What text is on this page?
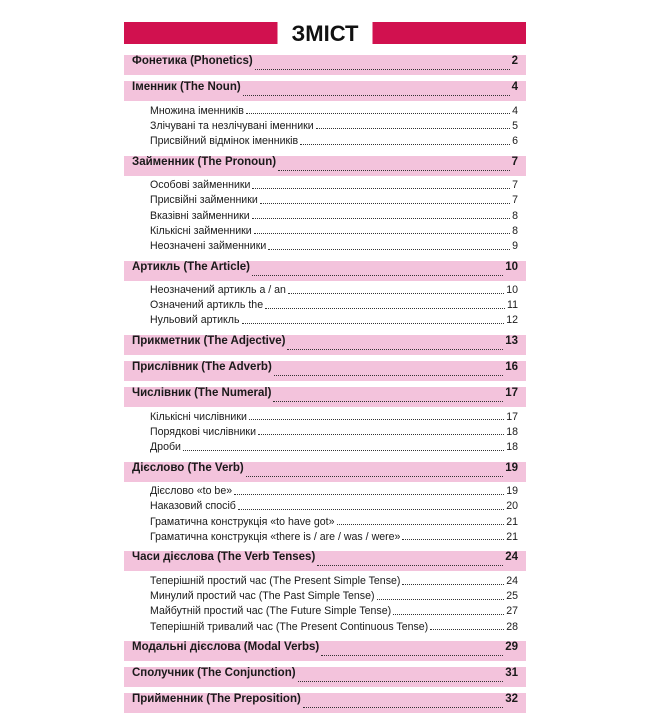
ЗМІСТ
Фонетика (Phonetics)	2
Іменник (The Noun)	4
Множина іменників	4
Злічувані та незлічувані іменники	5
Присвійний відмінок іменників	6
Займенник (The Pronoun)	7
Особові займенники	7
Присвійні займенники	7
Вказівні займенники	8
Кількісні займенники	8
Неозначені займенники	9
Артикль (The Article)	10
Неозначений артикль a / an	10
Означений артикль the	11
Нульовий артикль	12
Прикметник (The Adjective)	13
Прислівник (The Adverb)	16
Числівник (The Numeral)	17
Кількісні числівники	17
Порядкові числівники	18
Дроби	18
Дієслово (The Verb)	19
Дієслово «to be»	19
Наказовий спосіб	20
Граматична конструкція «to have got»	21
Граматична конструкція «there is / are / was / were»	21
Часи дієслова (The Verb Tenses)	24
Теперішній простий час (The Present Simple Tense)	24
Минулий простий час (The Past Simple Tense)	25
Майбутній простий час (The Future Simple Tense)	27
Теперішній тривалий час (The Present Continuous Tense)	28
Модальні дієслова (Modal Verbs)	29
Сполучник (The Conjunction)	31
Прийменник (The Preposition)	32
